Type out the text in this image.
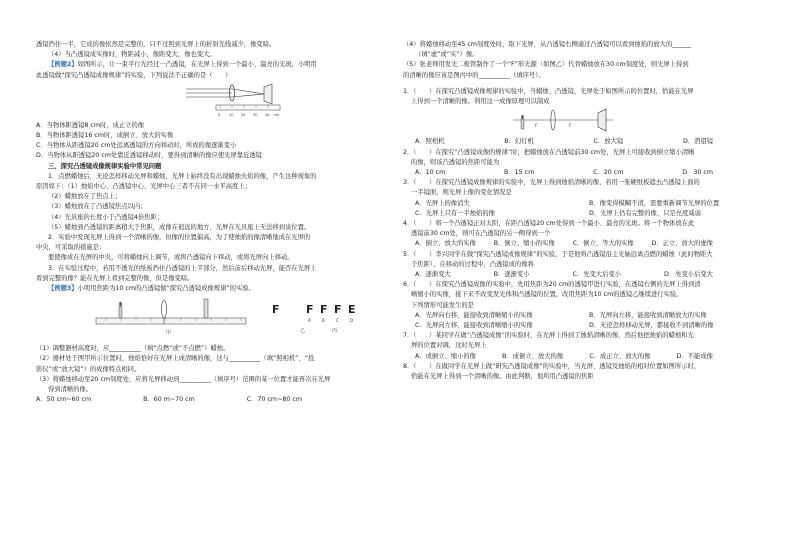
透镜挡住一半，它成的像依然是完整的，只不过照到光屏上的折射光线减少，像变暗。

（4）当凸透镜成实像时，物距减小，像距变大，像也变大。

【例题2】如图所示，让一束平行光经过一凸透镜，在光屏上得到一个最小、最亮的光斑，小明用

此透镜做“探究凸透镜成像规律”的实验，下列说法不正确的是（　　）

0	10 20 30 40 cm

A．当物体距透镜8 cm时，成正立的像

B．当物体距透镜16 cm时，成倒立、放大的实像

C．当物体从距透镜20 cm处远离透镜的方向移动时，所成的像逐渐变小

D．当物体从距透镜20 cm处靠近透镜移动时，要得到清晰的像应使光屏靠近透镜

三、探究凸透镜成像规律实验中常见问题

1．点燃蜡烛后，无论怎样移动光屏和蜡烛，光屏上始终没有出现蜡烛火焰的像，产生这种现象的

原因如下：（1）烛焰中心、凸透镜中心、光屏中心三者不在同一水平高度上；

（2）蜡烛放在了焦点上；

（3）蜡烛放在了凸透镜焦点以内；

（4）光具座的长度小于凸透镜4倍焦距；

（5）蜡烛到凸透镜的距离稍大于焦距，成像在很远的地方，光屏在光具座上无法移到该位置。

2．实验中发现光屏上得到一个清晰的像，但像的位置偏高，为了使烛焰的像清晰地成在光屏的

中央，可采取的措施是：

要使像成在光屏的中央，可将蜡烛向上调节，或将凸透镜向下移动，或将光屏向上移动。

3．在实验过程中，若用不透光的纸板挡住凸透镜的上半部分，然后前后移动光屏，能否在光屏上

看到完整的像？能在光屏上看到完整的像，但是像变暗。

【例题3】小明用焦距为10 cm的凸透镜做“探究凸透镜成像规律”的实验。

甲
F
乙
F F F E
A	B	C	D
丙

（1）调整器材高度时，应__________（填“点燃”或“不点燃”）蜡烛。

（2）器材处于图甲所示位置时，烛焰恰好在光屏上成清晰的像，这与__________（填“照相机”、“投

影仪”或“放大镜”）的成像特点相同。

（3）将蜡烛移动至20 cm刻度处，应将光屏移动到__________（填序号）范围的某一位置才能再次在光屏

得到清晰的像。

A．50 cm~60 cm	B．60 m~70 cm	C．70 cm~80 cm

（4）将蜡烛移动至45 cm刻度处时，取下光屏，从凸透镜右侧通过凸透镜可以看到烛焰的放大的______

（填“虚”或“实”）像。

（5）张老师用发光二极管制作了一个“F”形光源（如图乙）代替蜡烛放在30 cm刻度处，则光屏上得到

的清晰的像应该是图丙中的__________（填序号）。

1．（　　）在探究凸透镜成像规律的实验中，当蜡烛、凸透镜、光屏处于如图所示的位置时，恰能在光屏

上得到一个清晰的像。利用这一成像原理可以制成

F	F
A．照相机	B．幻灯机	C．放大镜	D．潜望镜

2．（　　）在探究“凸透镜成像的规律”时，把蜡烛放在凸透镜前30 cm处，光屏上可接收到倒立缩小清晰

的像，则该凸透镜的焦距可能为

A．10 cm	B．15 cm	C．20 cm	D．30 cm

3．（　　）在探究凸透镜成像规律的实验中，光屏上得到烛焰清晰的像，若用一张硬纸板遮去凸透镜上面的

一半镜面，则光屏上像的变化情况是

A．光屏上的像消失	B．像变得模糊不清，需要重新调节光屏的位置
C．光屏上只有一半烛焰的像	D．光屏上仍有完整的像，只是亮度减弱

4．（　　）将一个凸透镜正对太阳，在距凸透镜20 cm处得到一个最小、最亮的光斑。将一个物体放在此

透镜前30 cm处，则可在凸透镜的另一侧得到一个

A．倒立、放大的实像	B．倒立、缩小的实像	C．倒立、等大的实像	D．正立、放大的虚像

5．（　　）李兴同学在做“探究凸透镜成像规律”的实验，于是他将凸透镜沿主光轴远离点燃的蜡烛（此时物距大

于焦距），在移动的过程中，凸透镜成的像将

A．逐渐变大	B．逐渐变小	C．先变大后变小	D．先变小后变大

6．（　　）在探究凸透镜成像的实验中，先用焦距为20 cm的透镜甲进行实验，在透镜右侧的光屏上得到清

晰缩小的实像，接下来不改变发光体和凸透镜的位置，改用焦距为10 cm的透镜乙继续进行实验。

下列情形可能发生的是

A．光屏向右移，能接收到清晰缩小的实像	B．光屏向左移，能接收到清晰放大的实像
C．光屏向左移，能接收到清晰缩小的实像	D．无论怎样移动光屏，都接收不到清晰的像

7．（　　）某同学在做“凸透镜成像”的实验时，在光屏上得到了烛焰清晰的像，然后他把烛焰的蜡烛和光

屏的位置对调，这时光屏上

A．成倒立、缩小的像	B．成倒立、放大的像	C．成正立、放大的像	D．不能成像

8．（　　）在做同学在光屏上做“研究凸透镜成像”的实验中，当光屏、透镜及烛焰的相对位置如图所示时，

恰能在光屏上得到一个清晰的像。由此判断，他所用凸透镜的焦距
